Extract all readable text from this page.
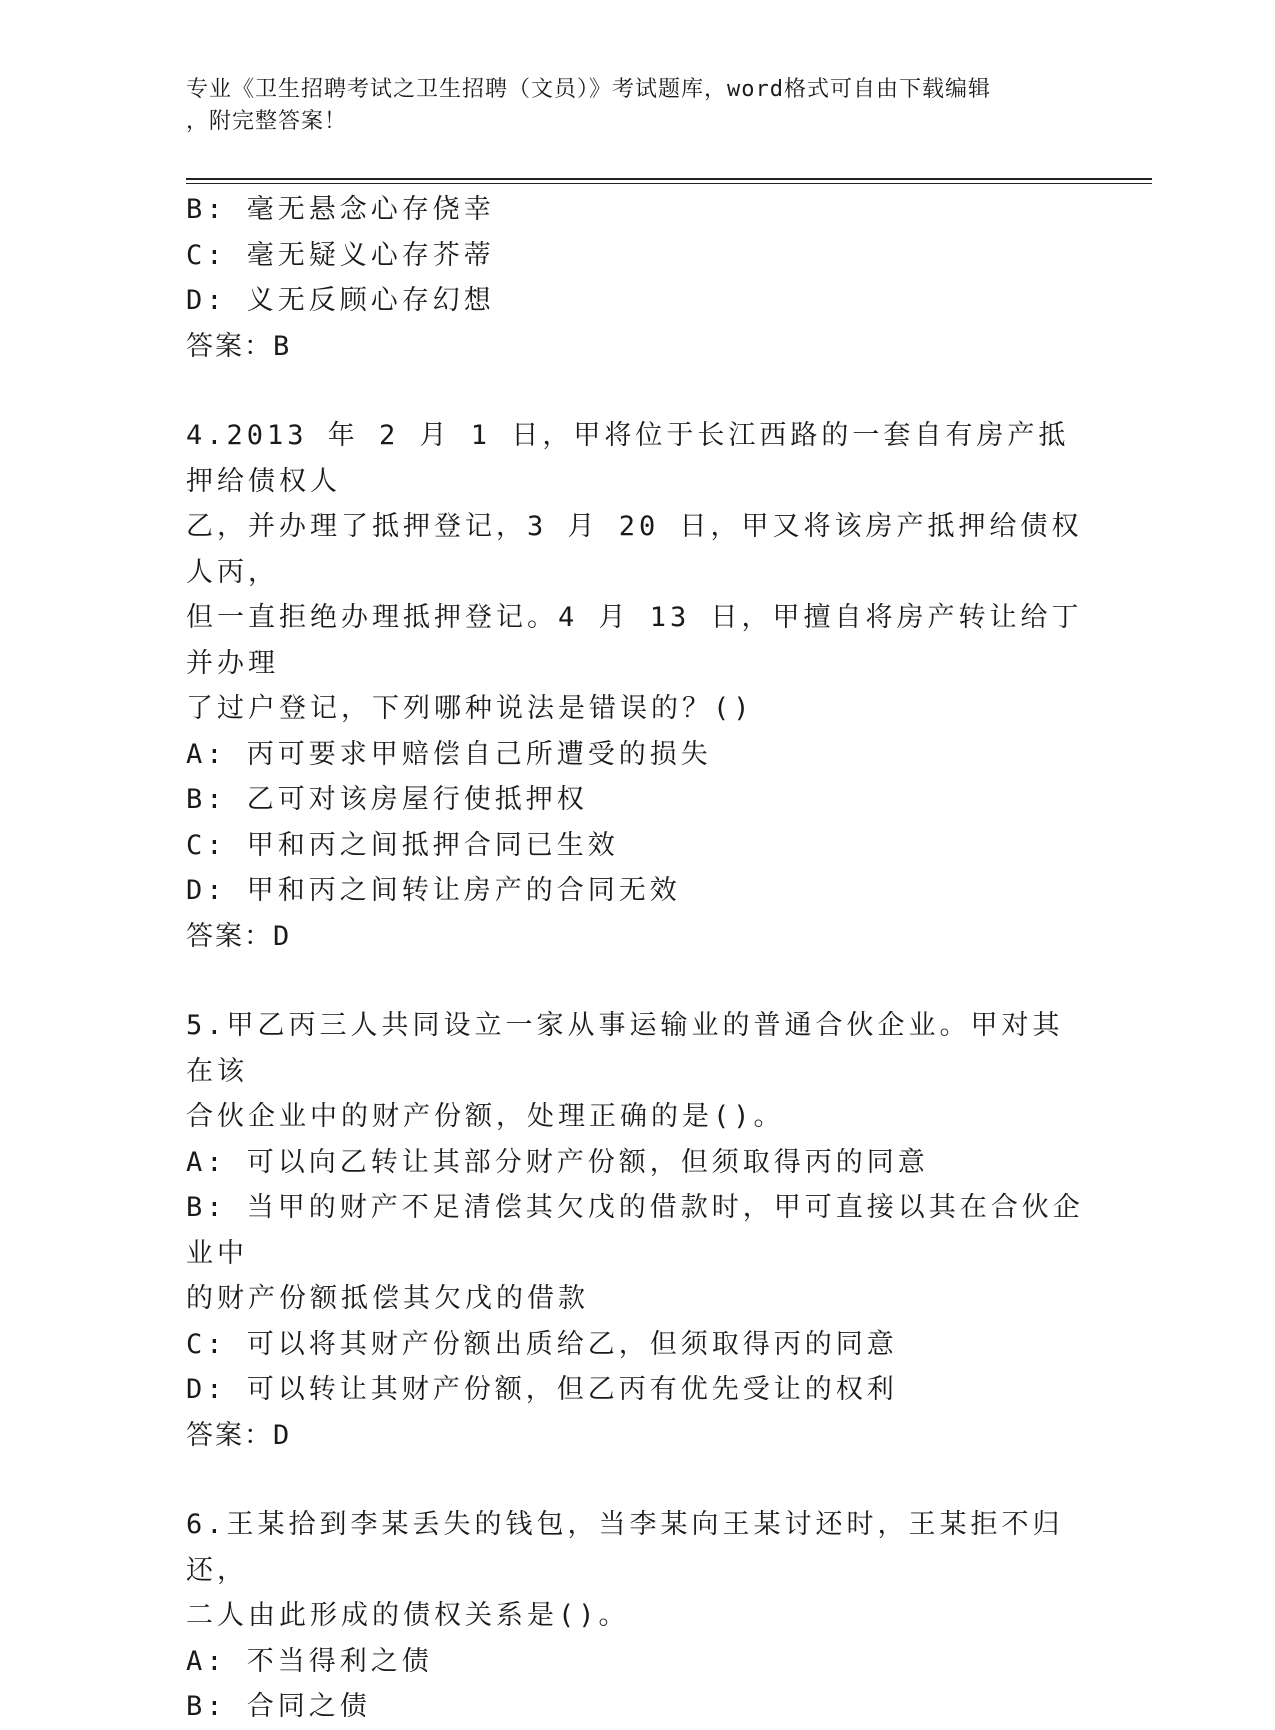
专业《卫生招聘考试之卫生招聘（文员）》考试题库，word格式可自由下载编辑
，附完整答案！
B: 毫无悬念心存侥幸
C: 毫无疑义心存芥蒂
D: 义无反顾心存幻想
答案：B
4.2013 年 2 月 1 日，甲将位于长江西路的一套自有房产抵押给债权人
乙，并办理了抵押登记，3 月 20 日，甲又将该房产抵押给债权人丙，
但一直拒绝办理抵押登记。4 月 13 日，甲擅自将房产转让给丁并办理
了过户登记，下列哪种说法是错误的？()
A: 丙可要求甲赔偿自己所遭受的损失
B: 乙可对该房屋行使抵押权
C: 甲和丙之间抵押合同已生效
D: 甲和丙之间转让房产的合同无效
答案：D
5.甲乙丙三人共同设立一家从事运输业的普通合伙企业。甲对其在该
合伙企业中的财产份额，处理正确的是()。
A: 可以向乙转让其部分财产份额，但须取得丙的同意
B: 当甲的财产不足清偿其欠戊的借款时，甲可直接以其在合伙企业中
的财产份额抵偿其欠戊的借款
C: 可以将其财产份额出质给乙，但须取得丙的同意
D: 可以转让其财产份额，但乙丙有优先受让的权利
答案：D
6.王某拾到李某丢失的钱包，当李某向王某讨还时，王某拒不归还，
二人由此形成的债权关系是()。
A: 不当得利之债
B: 合同之债
